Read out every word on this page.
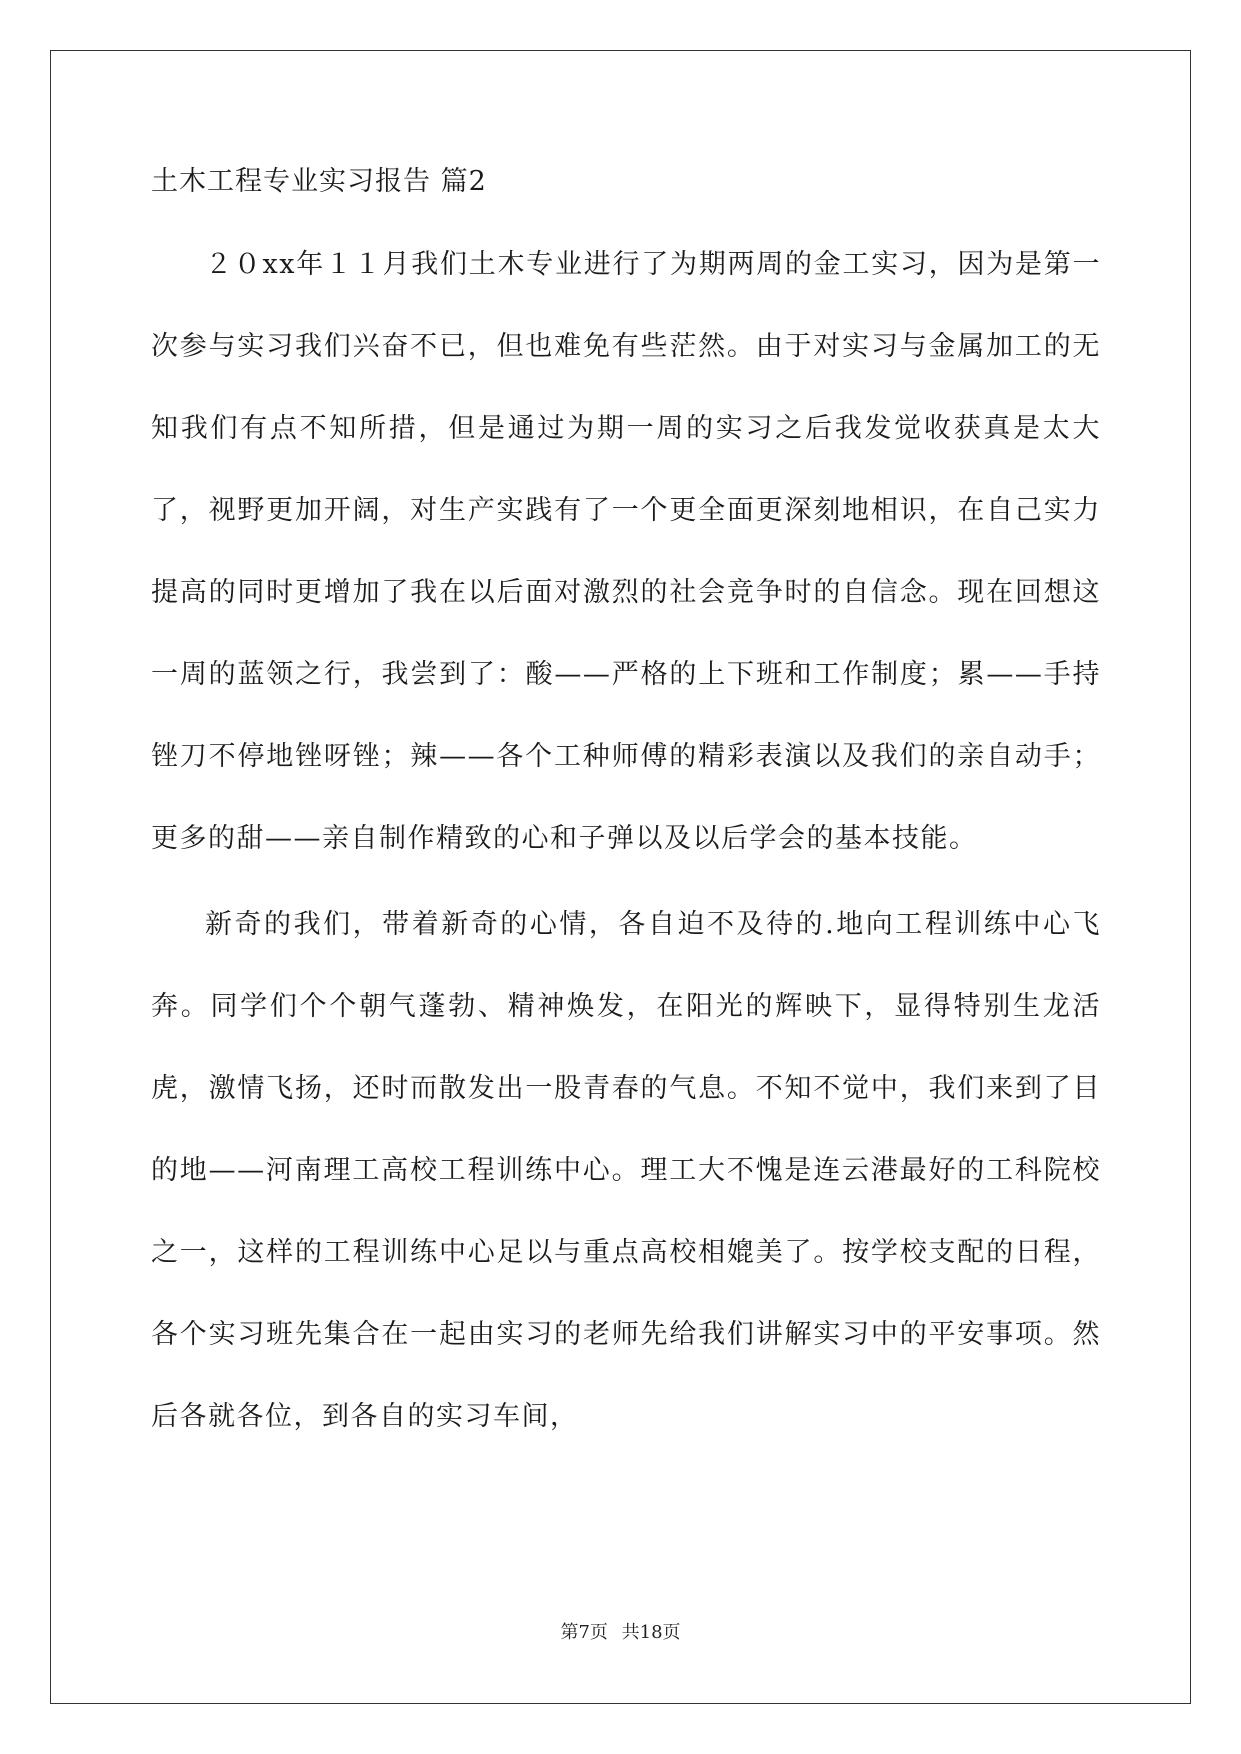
土木工程专业实习报告 篇2

２０xx年１１月我们土木专业进行了为期两周的金工实习，因为是第一次参与实习我们兴奋不已，但也难免有些茫然。由于对实习与金属加工的无知我们有点不知所措，但是通过为期一周的实习之后我发觉收获真是太大了，视野更加开阔，对生产实践有了一个更全面更深刻地相识，在自己实力提高的同时更增加了我在以后面对激烈的社会竞争时的自信念。现在回想这一周的蓝领之行，我尝到了：酸——严格的上下班和工作制度；累——手持锉刀不停地锉呀锉；辣——各个工种师傅的精彩表演以及我们的亲自动手；更多的甜——亲自制作精致的心和子弹以及以后学会的基本技能。

新奇的我们，带着新奇的心情，各自迫不及待的.地向工程训练中心飞奔。同学们个个朝气蓬勃、精神焕发，在阳光的辉映下，显得特别生龙活虎，激情飞扬，还时而散发出一股青春的气息。不知不觉中，我们来到了目的地——河南理工高校工程训练中心。理工大不愧是连云港最好的工科院校之一，这样的工程训练中心足以与重点高校相媲美了。按学校支配的日程，各个实习班先集合在一起由实习的老师先给我们讲解实习中的平安事项。然后各就各位，到各自的实习车间，

第7页 共18页
